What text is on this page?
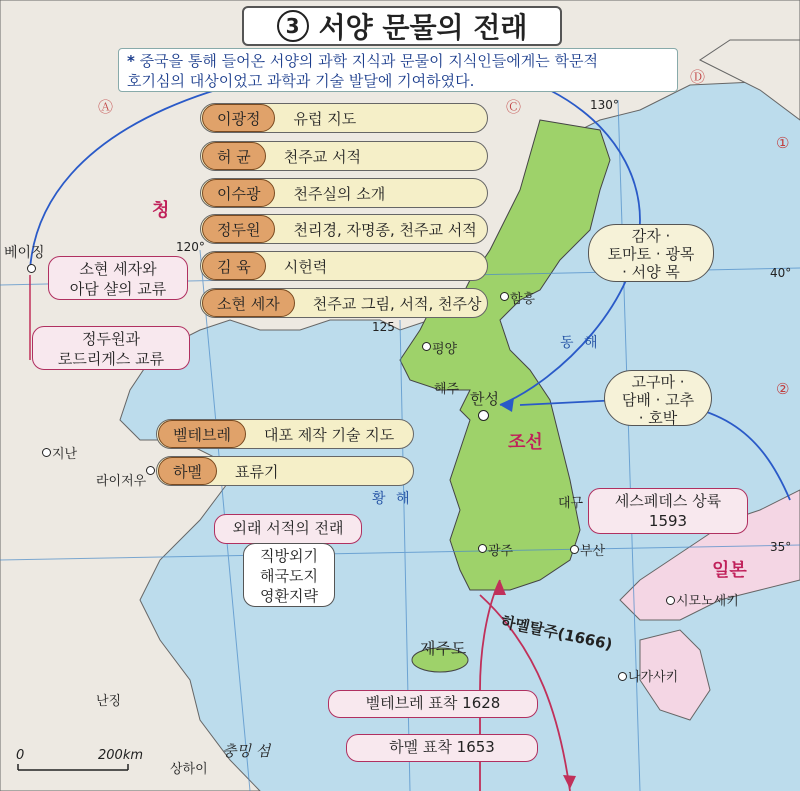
3 서양 문물의 전래
* 중국을 통해 들어온 서양의 과학 지식과 문물이 지식인들에게는 학문적
호기심의 대상이었고 과학과 기술 발달에 기여하였다.
이광정	유럽 지도
허 균	천주교 서적
이수광	천주실의 소개
정두원	천리경, 자명종, 천주교 서적
김 육	시헌력
소현 세자	천주교 그림, 서적, 천주상
벨테브레	대포 제작 기술 지도
하멜	표류기
소현 세자와
아담 샬의 교류
정두원과
로드리게스 교류
외래 서적의 전래
직방외기
해국도지
영환지략
감자 ·
토마토 · 광목
· 서양 목
고구마 ·
담배 · 고추
· 호박
세스페데스 상륙
1593
벨테브레 표착 1628
하멜 표착 1653
하멜탈주(1666)
청
조선
일본
동 해
황 해
베이징
지난
라이저우
난징
상하이
충밍 섬
함흥
평양
해주
한성
대구
부산
광주
제주도
시모노세키
나가사키
130°
120°
125
40°
35°
Ⓐ	Ⓒ
Ⓓ
①
②
0	200km
